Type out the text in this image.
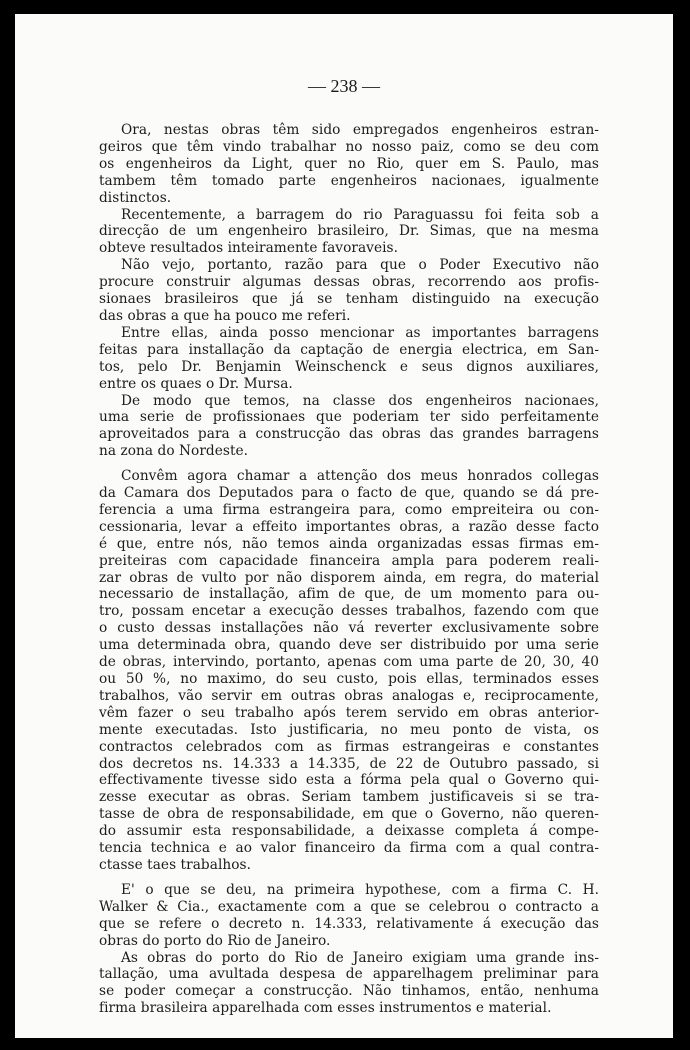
— 238 —
Ora, nestas obras têm sido empregados engenheiros estran-
geiros que têm vindo trabalhar no nosso paiz, como se deu com
os engenheiros da Light, quer no Rio, quer em S. Paulo, mas
tambem têm tomado parte engenheiros nacionaes, igualmente
distinctos.
Recentemente, a barragem do rio Paraguassu foi feita sob a
direcção de um engenheiro brasileiro, Dr. Simas, que na mesma
obteve resultados inteiramente favoraveis.
Não vejo, portanto, razão para que o Poder Executivo não
procure construir algumas dessas obras, recorrendo aos profis-
sionaes brasileiros que já se tenham distinguido na execução
das obras a que ha pouco me referi.
Entre ellas, ainda posso mencionar as importantes barragens
feitas para installação da captação de energia electrica, em San-
tos, pelo Dr. Benjamin Weinschenck e seus dignos auxiliares,
entre os quaes o Dr. Mursa.
De modo que temos, na classe dos engenheiros nacionaes,
uma serie de profissionaes que poderiam ter sido perfeitamente
aproveitados para a construcção das obras das grandes barragens
na zona do Nordeste.
Convêm agora chamar a attenção dos meus honrados collegas
da Camara dos Deputados para o facto de que, quando se dá pre-
ferencia a uma firma estrangeira para, como empreiteira ou con-
cessionaria, levar a effeito importantes obras, a razão desse facto
é que, entre nós, não temos ainda organizadas essas firmas em-
preiteiras com capacidade financeira ampla para poderem reali-
zar obras de vulto por não disporem ainda, em regra, do material
necessario de installação, afim de que, de um momento para ou-
tro, possam encetar a execução desses trabalhos, fazendo com que
o custo dessas installações não vá reverter exclusivamente sobre
uma determinada obra, quando deve ser distribuido por uma serie
de obras, intervindo, portanto, apenas com uma parte de 20, 30, 40
ou 50 %, no maximo, do seu custo, pois ellas, terminados esses
trabalhos, vão servir em outras obras analogas e, reciprocamente,
vêm fazer o seu trabalho após terem servido em obras anterior-
mente executadas. Isto justificaria, no meu ponto de vista, os
contractos celebrados com as firmas estrangeiras e constantes
dos decretos ns. 14.333 a 14.335, de 22 de Outubro passado, si
effectivamente tivesse sido esta a fórma pela qual o Governo qui-
zesse executar as obras. Seriam tambem justificaveis si se tra-
tasse de obra de responsabilidade, em que o Governo, não queren-
do assumir esta responsabilidade, a deixasse completa á compe-
tencia technica e ao valor financeiro da firma com a qual contra-
ctasse taes trabalhos.
E' o que se deu, na primeira hypothese, com a firma C. H.
Walker & Cia., exactamente com a que se celebrou o contracto a
que se refere o decreto n. 14.333, relativamente á execução das
obras do porto do Rio de Janeiro.
As obras do porto do Rio de Janeiro exigiam uma grande ins-
tallação, uma avultada despesa de apparelhagem preliminar para
se poder começar a construcção. Não tinhamos, então, nenhuma
firma brasileira apparelhada com esses instrumentos e material.
